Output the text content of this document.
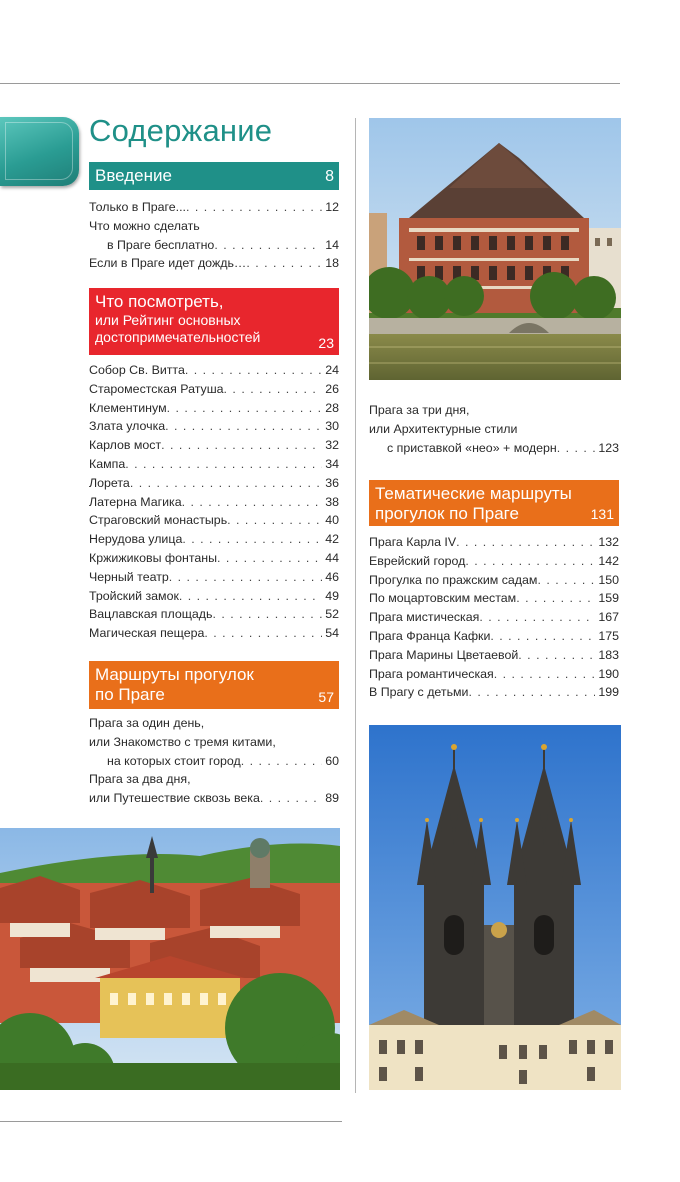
Содержание
Введение	8
Только в Праге... . . .	12
Что можно сделать
в Праге бесплатно . . .	14
Если в Праге идет дождь… . . .	18
Что посмотреть,
или Рейтинг основных
достопримечательностей	23
Собор Св. Витта . . .	24
Староместская Ратуша . . .	26
Клементинум . . .	28
Злата улочка . . .	30
Карлов мост . . .	32
Кампа . . .	34
Лорета . . .	36
Латерна Магика . . .	38
Страговский монастырь . . .	40
Нерудова улица . . .	42
Кржижиковы фонтаны . . .	44
Черный театр . . .	46
Тройский замок . . .	49
Вацлавская площадь . . .	52
Магическая пещера . . .	54
Маршруты прогулок
по Праге	57
Прага за один день,
или Знакомство с тремя китами,
на которых стоит город . . .	60
Прага за два дня,
или Путешествие сквозь века . . .	89
Прага за три дня,
или Архитектурные стили
с приставкой «нео» + модерн . . .	123
Тематические маршруты
прогулок по Праге	131
Прага Карла IV . . .	132
Еврейский город . . .	142
Прогулка по пражским садам . . .	150
По моцартовским местам . . .	159
Прага мистическая . . .	167
Прага Франца Кафки . . .	175
Прага Марины Цветаевой . . .	183
Прага романтическая . . .	190
В Прагу с детьми . . .	199
